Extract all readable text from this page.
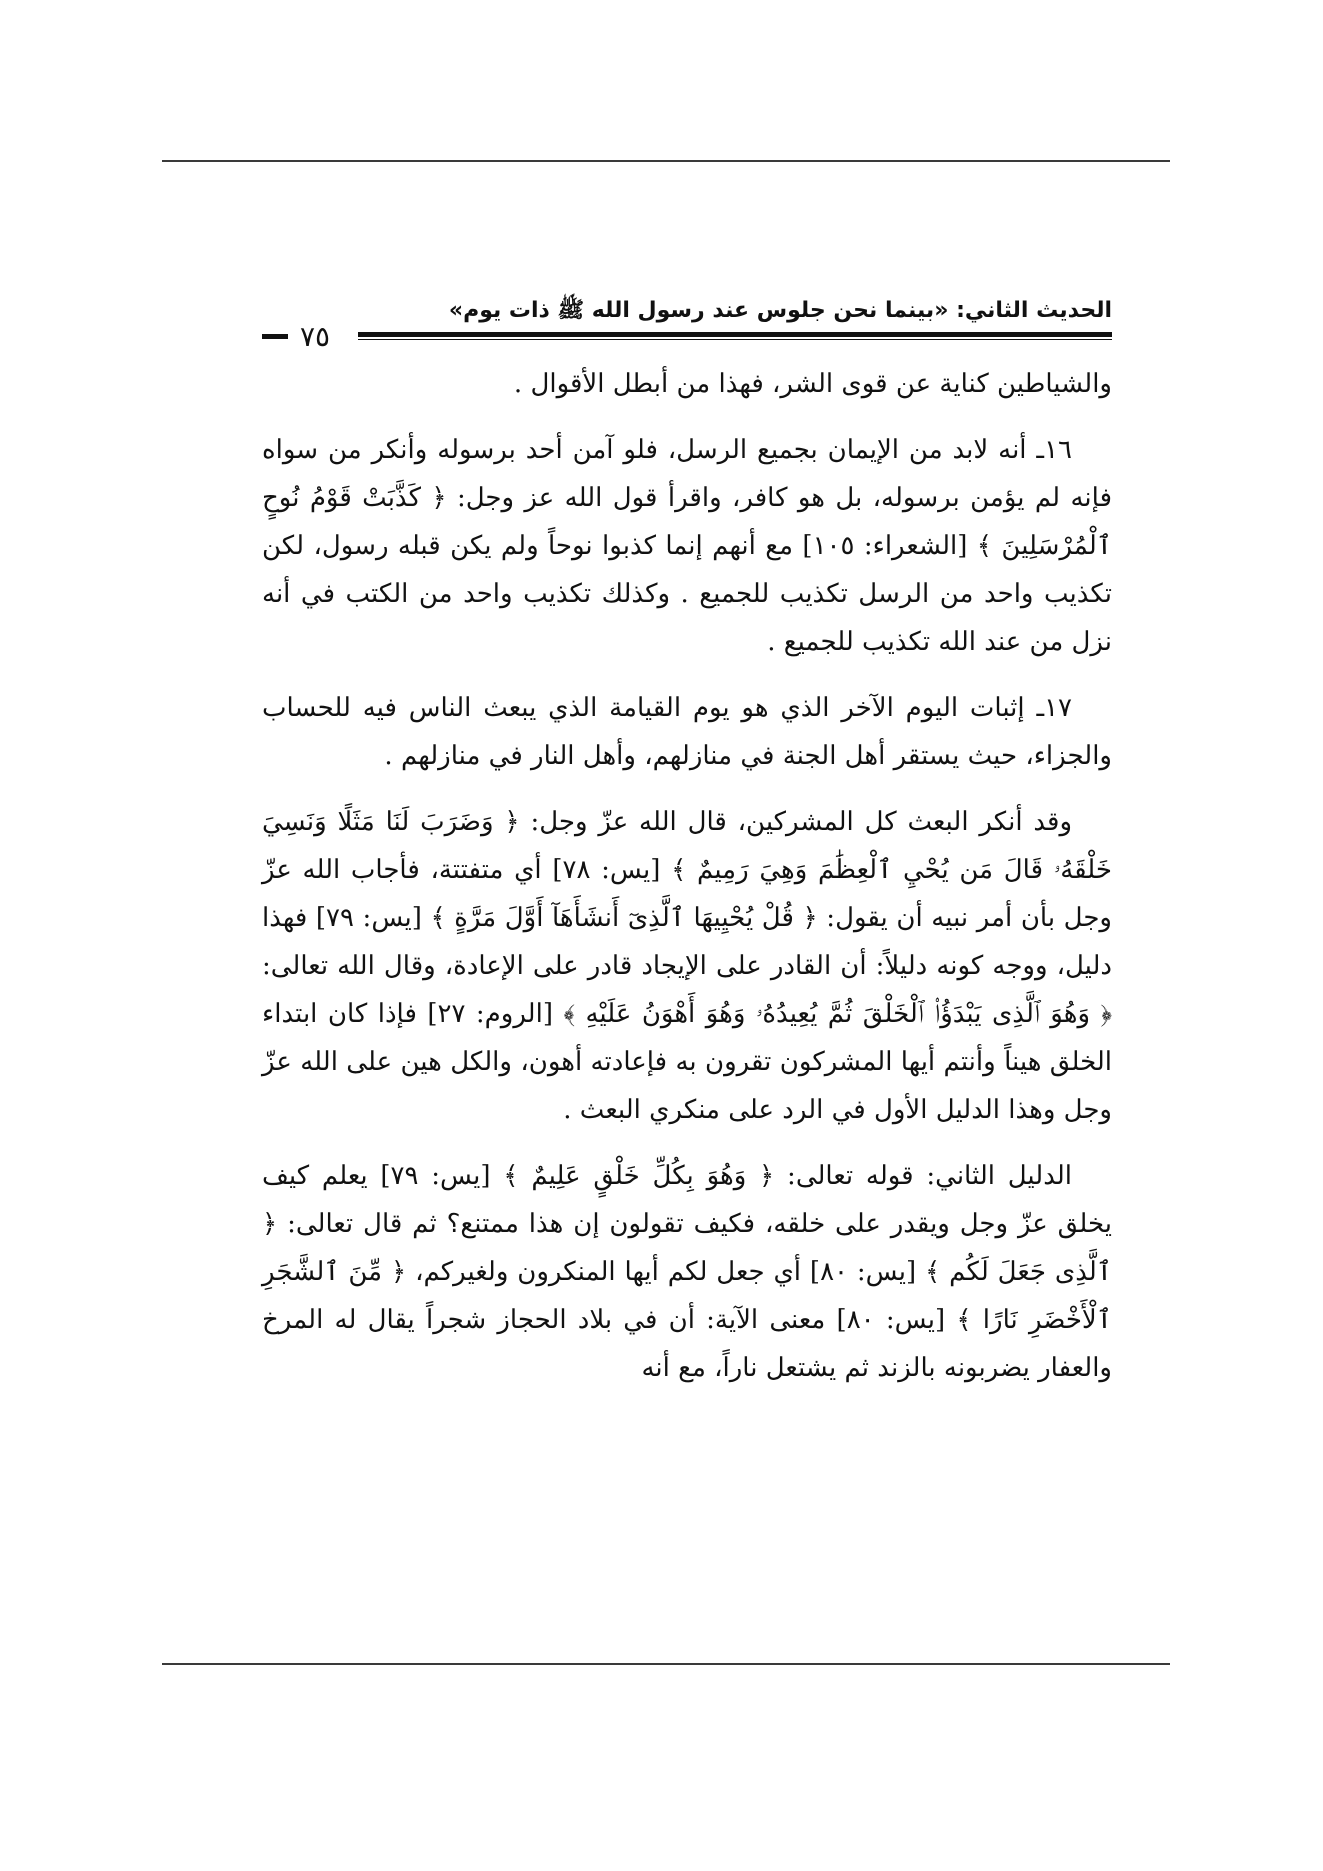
الحديث الثاني: «بينما نحن جلوس عند رسول الله ﷺ ذات يوم»
٧٥

والشياطين كناية عن قوى الشر، فهذا من أبطل الأقوال .

١٦ـ أنه لابد من الإيمان بجميع الرسل، فلو آمن أحد برسوله وأنكر من سواه فإنه لم يؤمن برسوله، بل هو كافر، واقرأ قول الله عز وجل: ﴿ كَذَّبَتْ قَوْمُ نُوحٍ ٱلْمُرْسَلِينَ ﴾ [الشعراء: ١٠٥] مع أنهم إنما كذبوا نوحاً ولم يكن قبله رسول، لكن تكذيب واحد من الرسل تكذيب للجميع . وكذلك تكذيب واحد من الكتب في أنه نزل من عند الله تكذيب للجميع .

١٧ـ إثبات اليوم الآخر الذي هو يوم القيامة الذي يبعث الناس فيه للحساب والجزاء، حيث يستقر أهل الجنة في منازلهم، وأهل النار في منازلهم .

وقد أنكر البعث كل المشركين، قال الله عزّ وجل: ﴿ وَضَرَبَ لَنَا مَثَلًا وَنَسِيَ خَلْقَهُۥ قَالَ مَن يُحْيِ ٱلْعِظَٰمَ وَهِيَ رَمِيمٌ ﴾ [يس: ٧٨] أي متفتتة، فأجاب الله عزّ وجل بأن أمر نبيه أن يقول: ﴿ قُلْ يُحْيِيهَا ٱلَّذِىٓ أَنشَأَهَآ أَوَّلَ مَرَّةٍ ﴾ [يس: ٧٩] فهذا دليل، ووجه كونه دليلاً: أن القادر على الإيجاد قادر على الإعادة، وقال الله تعالى: ﴿ وَهُوَ ٱلَّذِى يَبْدَؤُا۟ ٱلْخَلْقَ ثُمَّ يُعِيدُهُۥ وَهُوَ أَهْوَنُ عَلَيْهِ ﴾ [الروم: ٢٧] فإذا كان ابتداء الخلق هيناً وأنتم أيها المشركون تقرون به فإعادته أهون، والكل هين على الله عزّ وجل وهذا الدليل الأول في الرد على منكري البعث .

الدليل الثاني: قوله تعالى: ﴿ وَهُوَ بِكُلِّ خَلْقٍ عَلِيمٌ ﴾ [يس: ٧٩] يعلم كيف يخلق عزّ وجل ويقدر على خلقه، فكيف تقولون إن هذا ممتنع؟ ثم قال تعالى: ﴿ ٱلَّذِى جَعَلَ لَكُم ﴾ [يس: ٨٠] أي جعل لكم أيها المنكرون ولغيركم، ﴿ مِّنَ ٱلشَّجَرِ ٱلْأَخْضَرِ نَارًا ﴾ [يس: ٨٠] معنى الآية: أن في بلاد الحجاز شجراً يقال له المرخ والعفار يضربونه بالزند ثم يشتعل ناراً، مع أنه
